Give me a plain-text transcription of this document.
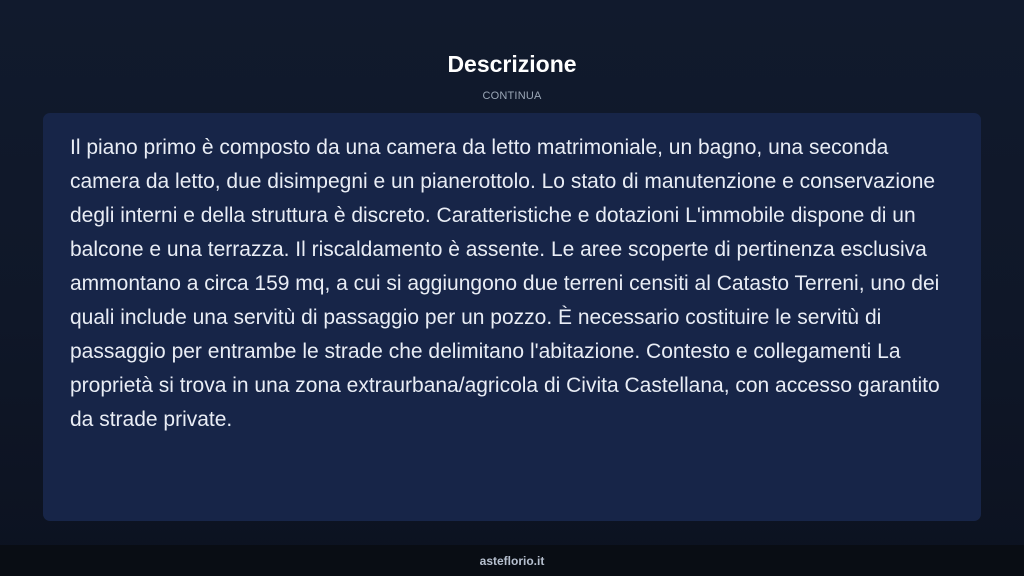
Descrizione
CONTINUA

Il piano primo è composto da una camera da letto matrimoniale, un bagno, una seconda camera da letto, due disimpegni e un pianerottolo. Lo stato di manutenzione e conservazione degli interni e della struttura è discreto. Caratteristiche e dotazioni L'immobile dispone di un balcone e una terrazza. Il riscaldamento è assente. Le aree scoperte di pertinenza esclusiva ammontano a circa 159 mq, a cui si aggiungono due terreni censiti al Catasto Terreni, uno dei quali include una servitù di passaggio per un pozzo. È necessario costituire le servitù di passaggio per entrambe le strade che delimitano l'abitazione. Contesto e collegamenti La proprietà si trova in una zona extraurbana/agricola di Civita Castellana, con accesso garantito da strade private.

asteflorio.it
